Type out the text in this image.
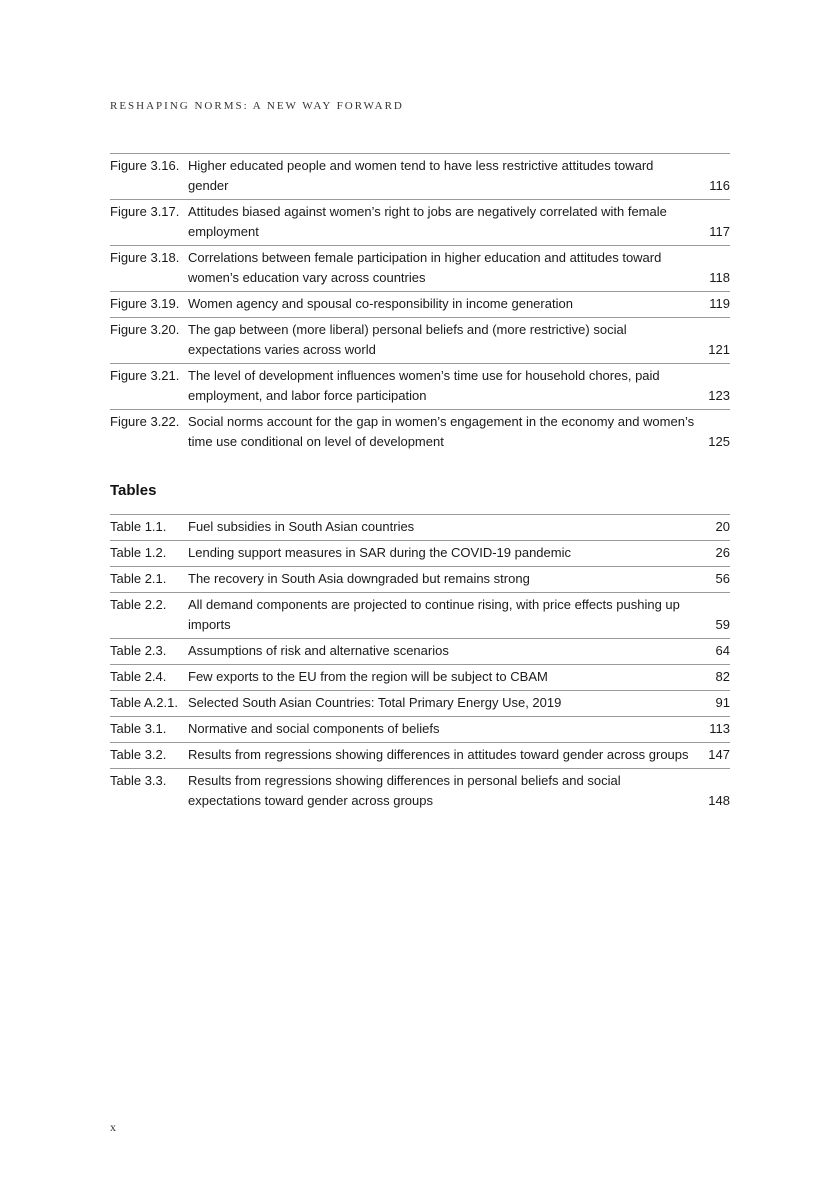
RESHAPING NORMS: A NEW WAY FORWARD
Figure 3.16. Higher educated people and women tend to have less restrictive attitudes toward gender	116
Figure 3.17. Attitudes biased against women’s right to jobs are negatively correlated with female employment	117
Figure 3.18. Correlations between female participation in higher education and attitudes toward women’s education vary across countries	118
Figure 3.19. Women agency and spousal co-responsibility in income generation	119
Figure 3.20. The gap between (more liberal) personal beliefs and (more restrictive) social expectations varies across world	121
Figure 3.21. The level of development influences women’s time use for household chores, paid employment, and labor force participation	123
Figure 3.22. Social norms account for the gap in women’s engagement in the economy and women’s time use conditional on level of development	125
Tables
Table 1.1.	Fuel subsidies in South Asian countries	20
Table 1.2.	Lending support measures in SAR during the COVID-19 pandemic	26
Table 2.1.	The recovery in South Asia downgraded but remains strong	56
Table 2.2.	All demand components are projected to continue rising, with price effects pushing up imports	59
Table 2.3.	Assumptions of risk and alternative scenarios	64
Table 2.4.	Few exports to the EU from the region will be subject to CBAM	82
Table A.2.1. Selected South Asian Countries: Total Primary Energy Use, 2019	91
Table 3.1.	Normative and social components of beliefs	113
Table 3.2.	Results from regressions showing differences in attitudes toward gender across groups	147
Table 3.3.	Results from regressions showing differences in personal beliefs and social expectations toward gender across groups	148
x
